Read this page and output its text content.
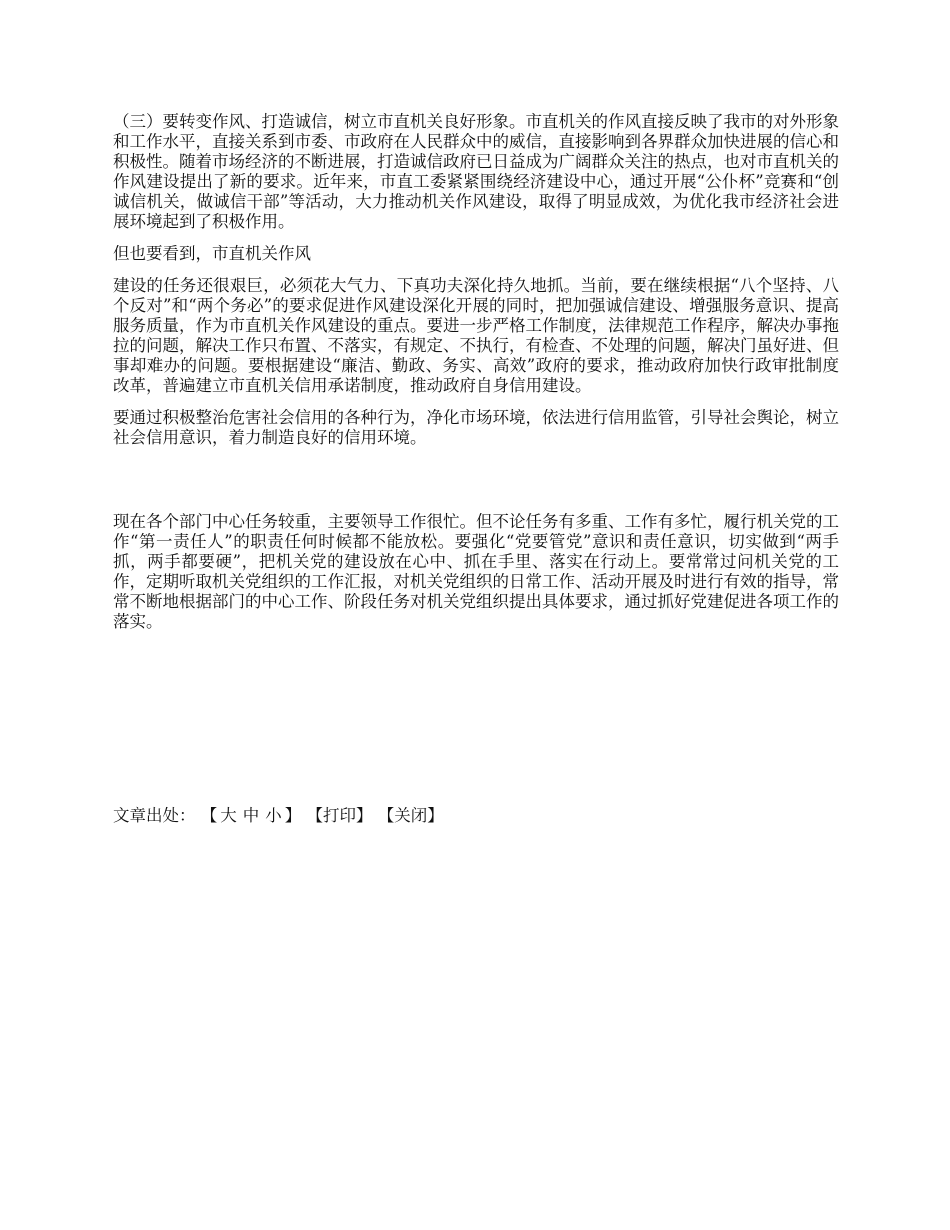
（三）要转变作风、打造诚信，树立市直机关良好形象。市直机关的作风直接反映了我市的对外形象和工作水平，直接关系到市委、市政府在人民群众中的威信，直接影响到各界群众加快进展的信心和积极性。随着市场经济的不断进展，打造诚信政府已日益成为广阔群众关注的热点，也对市直机关的作风建设提出了新的要求。近年来，市直工委紧紧围绕经济建设中心，通过开展“公仆杯”竞赛和“创诚信机关，做诚信干部”等活动，大力推动机关作风建设，取得了明显成效，为优化我市经济社会进展环境起到了积极作用。

但也要看到，市直机关作风

建设的任务还很艰巨，必须花大气力、下真功夫深化持久地抓。当前，要在继续根据“八个坚持、八个反对”和“两个务必”的要求促进作风建设深化开展的同时，把加强诚信建设、增强服务意识、提高服务质量，作为市直机关作风建设的重点。要进一步严格工作制度，法律规范工作程序，解决办事拖拉的问题，解决工作只布置、不落实，有规定、不执行，有检查、不处理的问题，解决门虽好进、但事却难办的问题。要根据建设“廉洁、勤政、务实、高效”政府的要求，推动政府加快行政审批制度改革，普遍建立市直机关信用承诺制度，推动政府自身信用建设。

要通过积极整治危害社会信用的各种行为，净化市场环境，依法进行信用监管，引导社会舆论，树立社会信用意识，着力制造良好的信用环境。

现在各个部门中心任务较重，主要领导工作很忙。但不论任务有多重、工作有多忙，履行机关党的工作“第一责任人”的职责任何时候都不能放松。要强化“党要管党”意识和责任意识，切实做到“两手抓，两手都要硬”，把机关党的建设放在心中、抓在手里、落实在行动上。要常常过问机关党的工作，定期听取机关党组织的工作汇报，对机关党组织的日常工作、活动开展及时进行有效的指导，常常不断地根据部门的中心工作、阶段任务对机关党组织提出具体要求，通过抓好党建促进各项工作的落实。

文章出处： 【 大 中 小 】 【打印】 【关闭】
